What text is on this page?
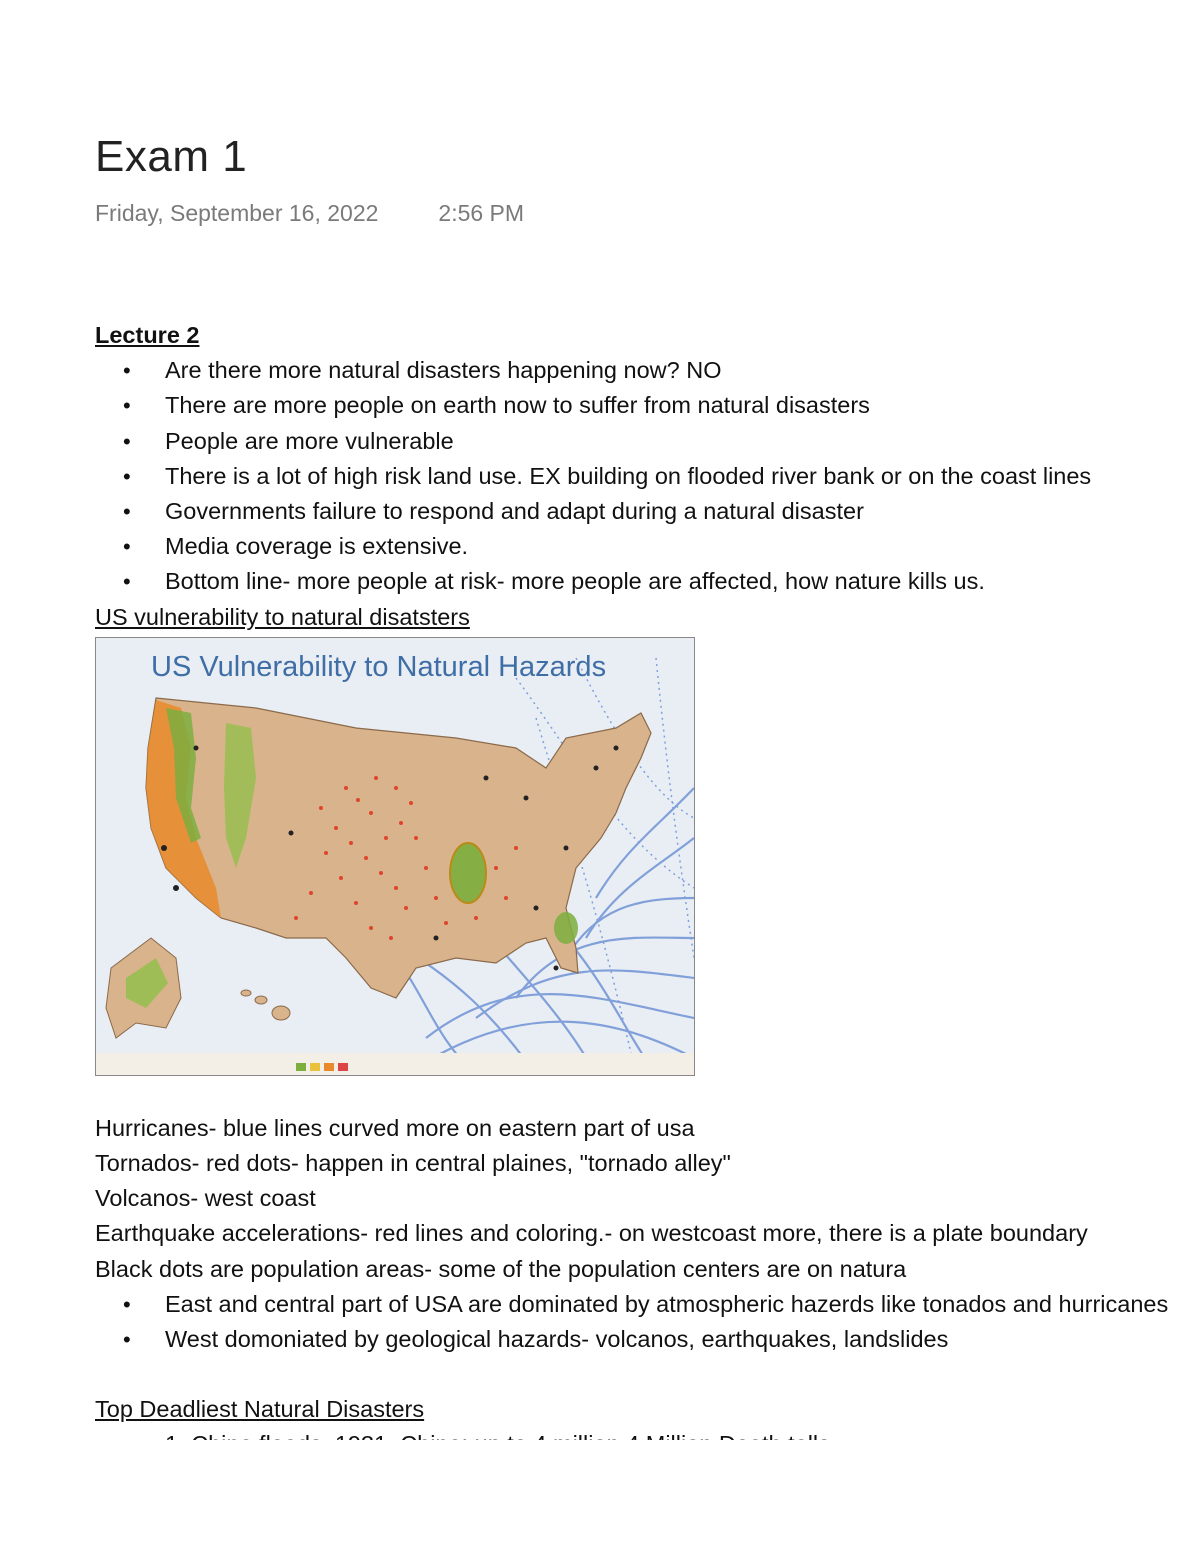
Exam 1
Friday, September 16, 2022	2:56 PM
Lecture 2
• Are there more natural disasters happening now? NO
• There are more people on earth now to suffer from natural disasters
• People are more vulnerable
• There is a lot of high risk land use. EX building on flooded river bank or on the coast lines
• Governments failure to respond and adapt during a natural disaster
• Media coverage is extensive.
• Bottom line- more people at risk- more people are affected, how nature kills us.
US vulnerability to natural disatsters
US Vulnerability to Natural Hazards
Hurricanes- blue lines curved more on eastern part of usa
Tornados- red dots- happen in central plaines, "tornado alley"
Volcanos- west coast
Earthquake accelerations- red lines and coloring.- on westcoast more, there is a plate boundary
Black dots are population areas- some of the population centers are on natura
• East and central part of USA are dominated by atmospheric hazerds like tonados and hurricanes
• West domoniated by geological hazards- volcanos, earthquakes, landslides
Top Deadliest Natural Disasters
